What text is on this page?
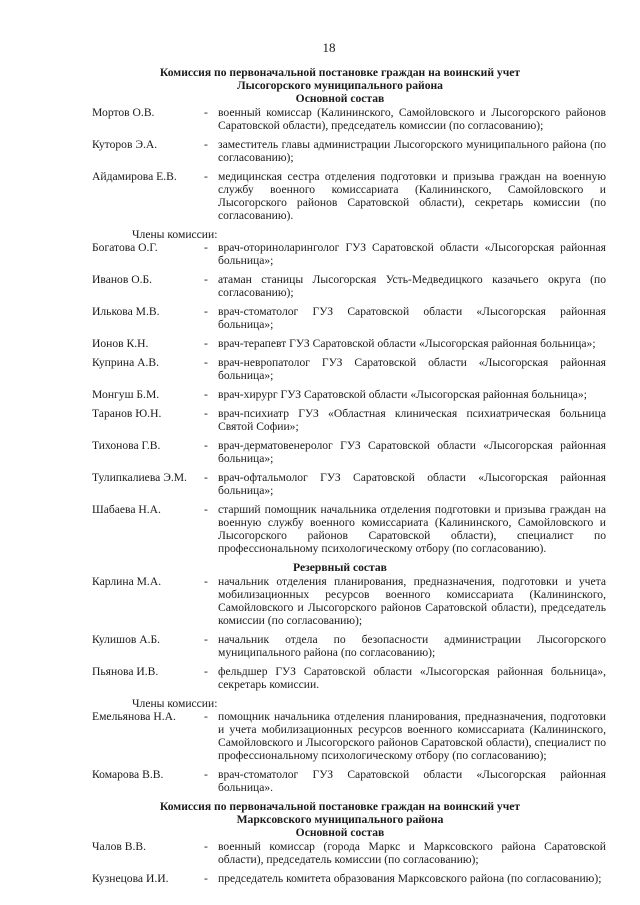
18
Комиссия по первоначальной постановке граждан на воинский учет
Лысогорского муниципального района
Основной состав
Мортов О.В.	- военный комиссар (Калининского, Самойловского и Лысогорского районов Саратовской области), председатель комиссии (по согласованию);
Куторов Э.А.	- заместитель главы администрации Лысогорского муниципального района (по согласованию);
Айдамирова Е.В.	- медицинская сестра отделения подготовки и призыва граждан на военную службу военного комиссариата (Калининского, Самойловского и Лысогорского районов Саратовской области), секретарь комиссии (по согласованию).
Члены комиссии:
Богатова О.Г.	- врач-оториноларинголог ГУЗ Саратовской области «Лысогорская районная больница»;
Иванов О.Б.	- атаман станицы Лысогорская Усть-Медведицкого казачьего округа (по согласованию);
Илькова М.В.	- врач-стоматолог ГУЗ Саратовской области «Лысогорская районная больница»;
Ионов К.Н.	- врач-терапевт ГУЗ Саратовской области «Лысогорская районная больница»;
Куприна А.В.	- врач-невропатолог ГУЗ Саратовской области «Лысогорская районная больница»;
Монгуш Б.М.	- врач-хирург ГУЗ Саратовской области «Лысогорская районная больница»;
Таранов Ю.Н.	- врач-психиатр ГУЗ «Областная клиническая психиатрическая больница Святой Софии»;
Тихонова Г.В.	- врач-дерматовенеролог ГУЗ Саратовской области «Лысогорская районная больница»;
Тулипкалиева Э.М.	- врач-офтальмолог ГУЗ Саратовской области «Лысогорская районная больница»;
Шабаева Н.А.	- старший помощник начальника отделения подготовки и призыва граждан на военную службу военного комиссариата (Калининского, Самойловского и Лысогорского районов Саратовской области), специалист по профессиональному психологическому отбору (по согласованию).
Резервный состав
Карлина М.А.	- начальник отделения планирования, предназначения, подготовки и учета мобилизационных ресурсов военного комиссариата (Калининского, Самойловского и Лысогорского районов Саратовской области), председатель комиссии (по согласованию);
Кулишов А.Б.	- начальник отдела по безопасности администрации Лысогорского муниципального района (по согласованию);
Пьянова И.В.	- фельдшер ГУЗ Саратовской области «Лысогорская районная больница», секретарь комиссии.
Члены комиссии:
Емельянова Н.А.	- помощник начальника отделения планирования, предназначения, подготовки и учета мобилизационных ресурсов военного комиссариата (Калининского, Самойловского и Лысогорского районов Саратовской области), специалист по профессиональному психологическому отбору (по согласованию);
Комарова В.В.	- врач-стоматолог ГУЗ Саратовской области «Лысогорская районная больница».
Комиссия по первоначальной постановке граждан на воинский учет
Марксовского муниципального района
Основной состав
Чалов В.В.	- военный комиссар (города Маркс и Марксовского района Саратовской области), председатель комиссии (по согласованию);
Кузнецова И.И.	- председатель комитета образования Марксовского района (по согласованию);
